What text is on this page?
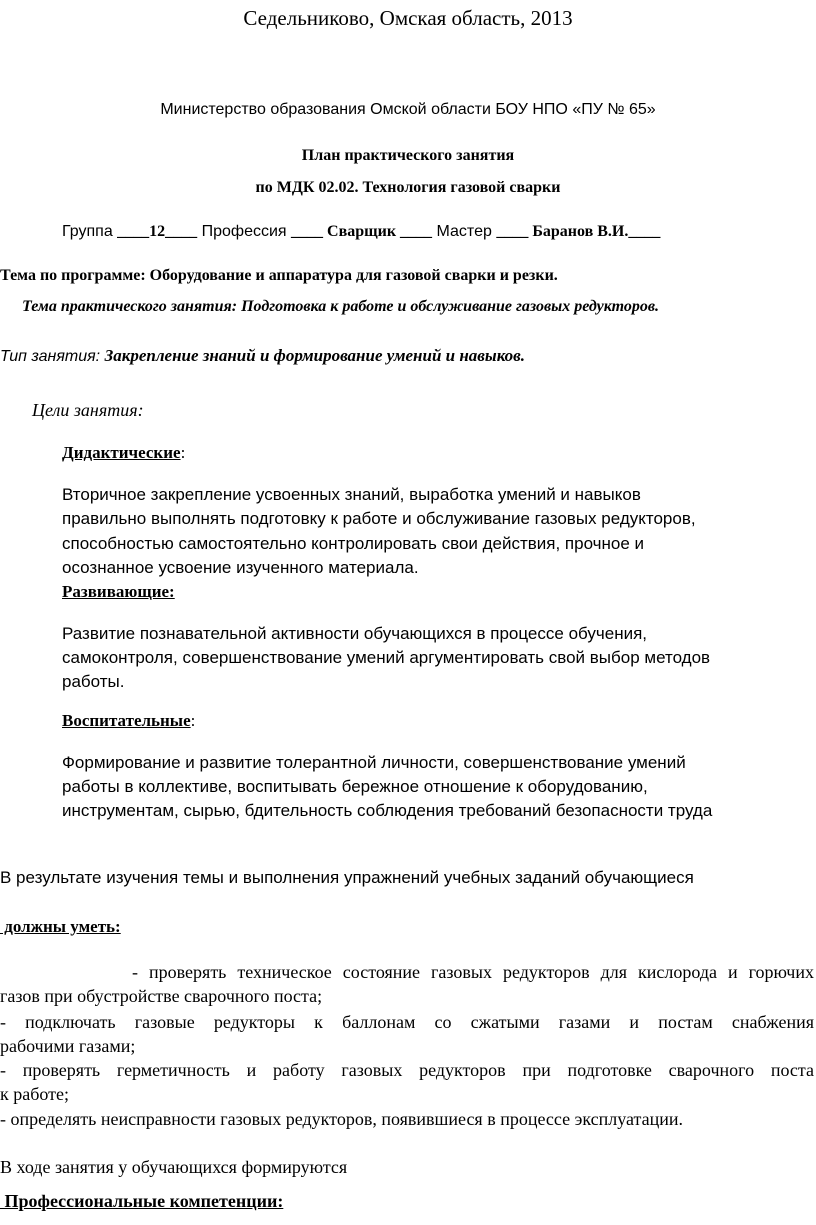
Седельниково, Омская область, 2013
Министерство образования Омской области БОУ НПО «ПУ № 65»
План практического занятия
по МДК 02.02. Технология газовой сварки
Группа ____12____ Профессия ____ Сварщик ____ Мастер ____ Баранов В.И.____
Тема по программе: Оборудование и аппаратура для газовой сварки и резки.
Тема практического занятия: Подготовка к работе и обслуживание газовых редукторов.
Тип занятия: Закрепление знаний и формирование умений и навыков.
Цели занятия:
Дидактические:
Вторичное закрепление усвоенных знаний, выработка умений и навыков
правильно выполнять подготовку к работе и обслуживание газовых редукторов,
способностью самостоятельно контролировать свои действия, прочное и
осознанное усвоение изученного материала.
Развивающие:
Развитие познавательной активности обучающихся в процессе обучения,
самоконтроля, совершенствование умений аргументировать свой выбор методов
работы.
Воспитательные:
Формирование и развитие толерантной личности, совершенствование умений
работы в коллективе, воспитывать бережное отношение к оборудованию,
инструментам, сырью, бдительность соблюдения требований безопасности труда
В результате изучения темы и выполнения упражнений учебных заданий обучающиеся
должны уметь:
- проверять техническое состояние газовых редукторов для кислорода и горючих
газов при обустройстве сварочного поста;
- подключать газовые редукторы к баллонам со сжатыми газами и постам снабжения
рабочими газами;
- проверять герметичность и работу газовых редукторов при подготовке сварочного поста
к работе;
- определять неисправности газовых редукторов, появившиеся в процессе эксплуатации.
В ходе занятия у обучающихся формируются
Профессиональные компетенции:
